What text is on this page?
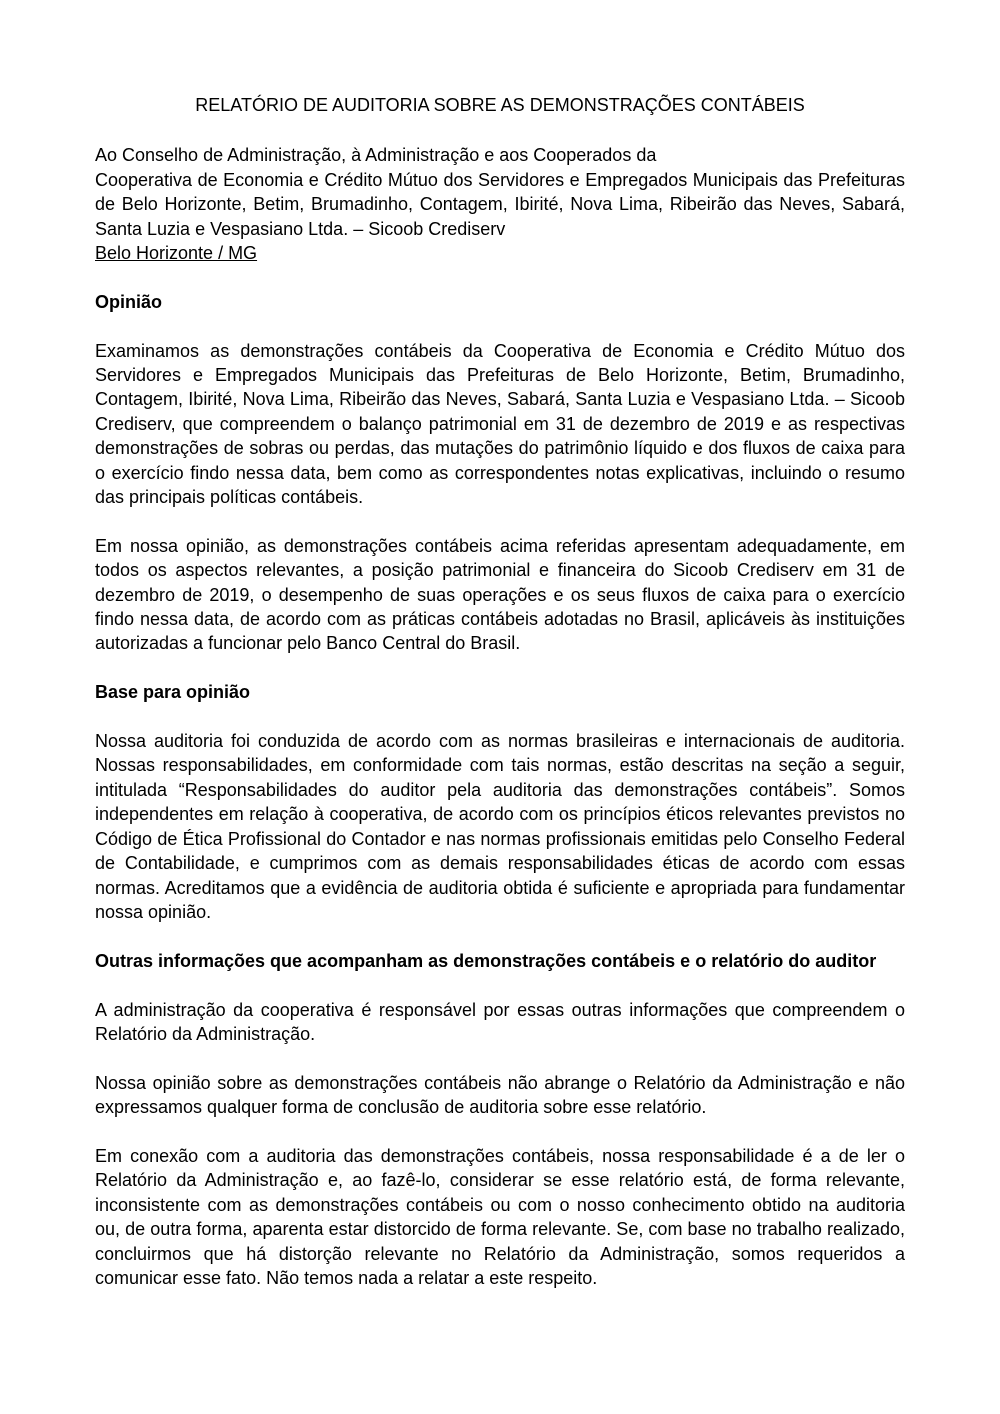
RELATÓRIO DE AUDITORIA SOBRE AS DEMONSTRAÇÕES CONTÁBEIS

Ao Conselho de Administração, à Administração e aos Cooperados da

Cooperativa de Economia e Crédito Mútuo dos Servidores e Empregados Municipais das Prefeituras de Belo Horizonte, Betim, Brumadinho, Contagem, Ibirité, Nova Lima, Ribeirão das Neves, Sabará, Santa Luzia e Vespasiano Ltda. – Sicoob Crediserv

Belo Horizonte / MG

Opinião

Examinamos as demonstrações contábeis da Cooperativa de Economia e Crédito Mútuo dos Servidores e Empregados Municipais das Prefeituras de Belo Horizonte, Betim, Brumadinho, Contagem, Ibirité, Nova Lima, Ribeirão das Neves, Sabará, Santa Luzia e Vespasiano Ltda. – Sicoob Crediserv, que compreendem o balanço patrimonial em 31 de dezembro de 2019 e as respectivas demonstrações de sobras ou perdas, das mutações do patrimônio líquido e dos fluxos de caixa para o exercício findo nessa data, bem como as correspondentes notas explicativas, incluindo o resumo das principais políticas contábeis.

Em nossa opinião, as demonstrações contábeis acima referidas apresentam adequadamente, em todos os aspectos relevantes, a posição patrimonial e financeira do Sicoob Crediserv em 31 de dezembro de 2019, o desempenho de suas operações e os seus fluxos de caixa para o exercício findo nessa data, de acordo com as práticas contábeis adotadas no Brasil, aplicáveis às instituições autorizadas a funcionar pelo Banco Central do Brasil.

Base para opinião

Nossa auditoria foi conduzida de acordo com as normas brasileiras e internacionais de auditoria. Nossas responsabilidades, em conformidade com tais normas, estão descritas na seção a seguir, intitulada “Responsabilidades do auditor pela auditoria das demonstrações contábeis”. Somos independentes em relação à cooperativa, de acordo com os princípios éticos relevantes previstos no Código de Ética Profissional do Contador e nas normas profissionais emitidas pelo Conselho Federal de Contabilidade, e cumprimos com as demais responsabilidades éticas de acordo com essas normas. Acreditamos que a evidência de auditoria obtida é suficiente e apropriada para fundamentar nossa opinião.

Outras informações que acompanham as demonstrações contábeis e o relatório do auditor

A administração da cooperativa é responsável por essas outras informações que compreendem o Relatório da Administração.

Nossa opinião sobre as demonstrações contábeis não abrange o Relatório da Administração e não expressamos qualquer forma de conclusão de auditoria sobre esse relatório.

Em conexão com a auditoria das demonstrações contábeis, nossa responsabilidade é a de ler o Relatório da Administração e, ao fazê-lo, considerar se esse relatório está, de forma relevante, inconsistente com as demonstrações contábeis ou com o nosso conhecimento obtido na auditoria ou, de outra forma, aparenta estar distorcido de forma relevante. Se, com base no trabalho realizado, concluirmos que há distorção relevante no Relatório da Administração, somos requeridos a comunicar esse fato. Não temos nada a relatar a este respeito.
